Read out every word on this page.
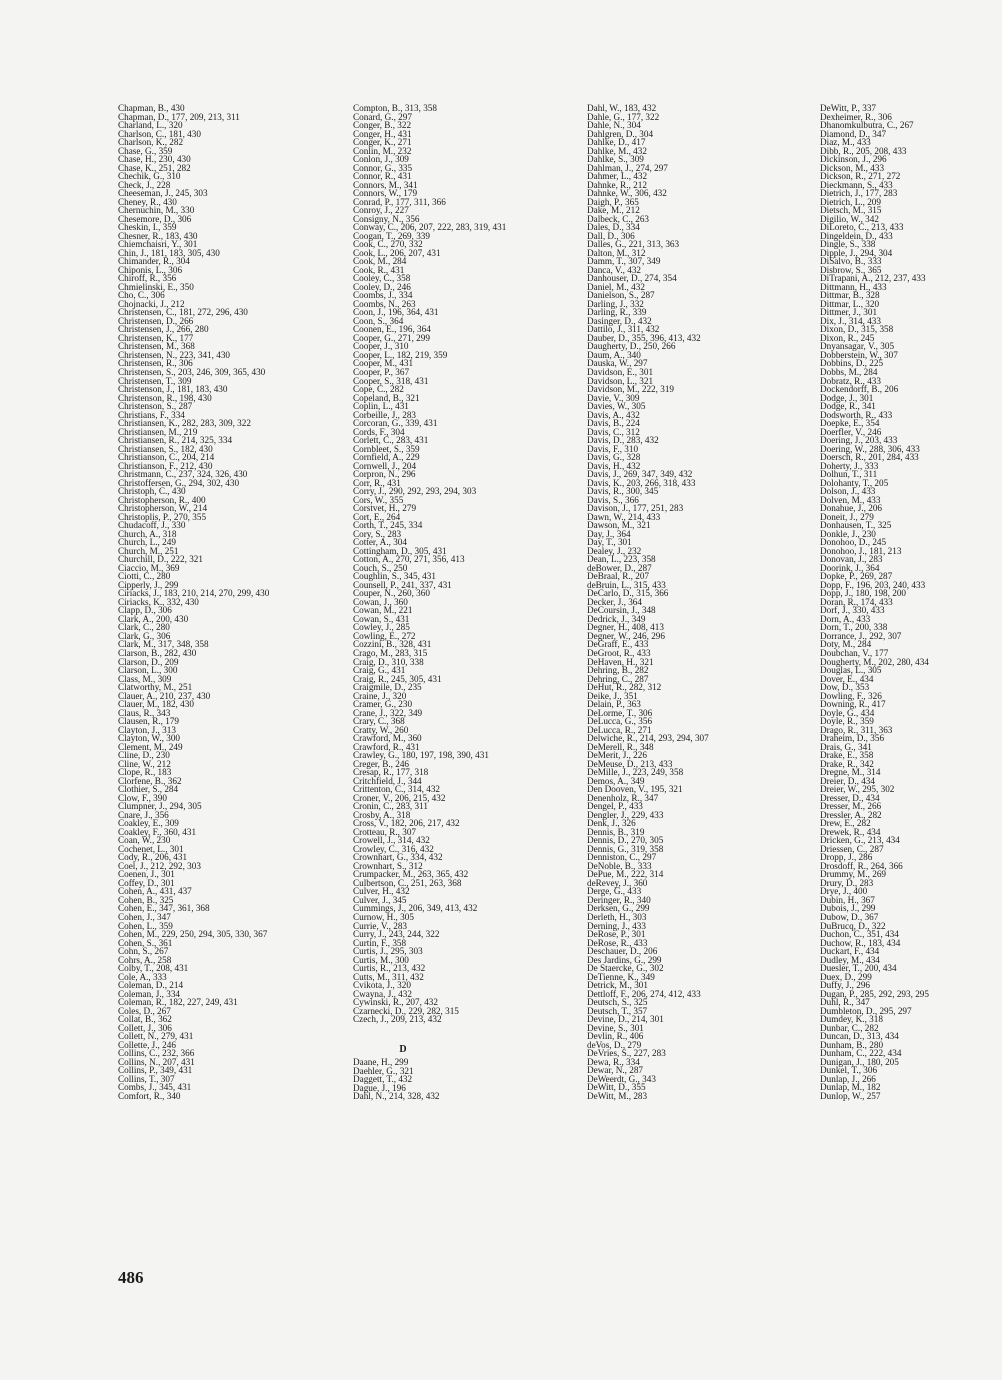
Chapman, B., 430
Chapman, D., 177, 209, 213, 311
Charland, L., 320
Charlson, C., 181, 430
Charlson, K., 282
Chase, G., 359
Chase, H., 230, 430
Chase, K., 251, 282
Chechik, G., 310
Check, J., 228
Cheeseman, J., 245, 303
Cheney, R., 430
Chernuchin, M., 330
Chesemore, D., 306
Cheskin, I., 359
Chesner, R., 183, 430
Chiemchaisri, Y., 301
Chin, J., 181, 183, 305, 430
Chimander, R., 304
Chiponis, L., 306
Chiroff, R., 356
Chmielinski, E., 350
Cho, C., 306
Chojnacki, J., 212
Christensen, C., 181, 272, 296, 430
Christensen, D., 266
Christensen, J., 266, 280
Christensen, K., 177
Christensen, M., 368
Christensen, N., 223, 341, 430
Christensen, R., 306
Christensen, S., 203, 246, 309, 365, 430
Christensen, T., 309
Christenson, J., 181, 183, 430
Christenson, R., 198, 430
Christenson, S., 287
Christians, F., 334
Christiansen, K., 282, 283, 309, 322
Christiansen, M., 219
Christiansen, R., 214, 325, 334
Christiansen, S., 182, 430
Christianson, C., 204, 214
Christianson, F., 212, 430
Christmann, C., 237, 324, 326, 430
Christoffersen, G., 294, 302, 430
Christoph, C., 430
Christopherson, R., 400
Christopherson, W., 214
Christoplis, P., 270, 355
Chudacoff, J., 330
Church, A., 318
Church, L., 249
Church, M., 251
Churchill, D., 222, 321
Ciaccio, M., 369
Ciotti, C., 280
Cipperly, J., 299
Ciriacks, J., 183, 210, 214, 270, 299, 430
Ciriacks, K., 332, 430
Clapp, D., 306
Clark, A., 200, 430
Clark, C., 280
Clark, G., 306
Clark, M., 317, 348, 358
Clarson, B., 282, 430
Clarson, D., 209
Clarson, L., 300
Class, M., 309
Clatworthy, M., 251
Clauer, A., 210, 237, 430
Clauer, M., 182, 430
Claus, R., 343
Clausen, R., 179
Clayton, J., 313
Clayton, W., 300
Clement, M., 249
Cline, D., 230
Cline, W., 212
Clope, R., 183
Clorfene, B., 362
Clothier, S., 284
Clow, F., 390
Clumpner, J., 294, 305
Cnare, J., 356
Coakley, E., 309
Coakley, F., 360, 431
Coan, W., 230
Cochenet, L., 301
Cody, R., 206, 431
Coel, J., 212, 292, 303
Coenen, J., 301
Coffey, D., 301
Cohen, A., 431, 437
Cohen, B., 325
Cohen, E., 347, 361, 368
Cohen, J., 347
Cohen, L., 359
Cohen, M., 229, 250, 294, 305, 330, 367
Cohen, S., 361
Cohn, S., 267
Cohrs, A., 258
Colby, T., 208, 431
Cole, A., 333
Coleman, D., 214
Coleman, J., 334
Coleman, R., 182, 227, 249, 431
Coles, D., 267
Collat, B., 362
Collett, J., 306
Collett, N., 279, 431
Collette, J., 246
Collins, C., 232, 366
Collins, N., 207, 431
Collins, P., 349, 431
Collins, T., 307
Combs, J., 345, 431
Comfort, R., 340
Compton, B., 313, 358
Conard, G., 297
Conger, B., 322
Conger, H., 431
Conger, K., 271
Conlin, M., 232
Conlon, J., 309
Connor, G., 335
Connor, R., 431
Connors, M., 341
Connors, W., 179
Conrad, P., 177, 311, 366
Conroy, J., 227
Consigny, N., 356
Conway, C., 206, 207, 222, 283, 319, 431
Coogan, T., 269, 339
Cook, C., 270, 332
Cook, L., 206, 207, 431
Cook, M., 284
Cook, R., 431
Cooley, C., 358
Cooley, D., 246
Coombs, J., 334
Coombs, N., 263
Coon, J., 196, 364, 431
Coon, S., 364
Coonen, E., 196, 364
Cooper, G., 271, 299
Cooper, J., 310
Cooper, L., 182, 219, 359
Cooper, M., 431
Cooper, P., 367
Cooper, S., 318, 431
Cope, C., 282
Copeland, B., 321
Coplin, L., 431
Corbeille, J., 283
Corcoran, G., 339, 431
Cords, F., 304
Corlett, C., 283, 431
Cornbleet, S., 359
Cornfield, A., 229
Cornwell, J., 204
Corpron, N., 296
Corr, R., 431
Corry, J., 290, 292, 293, 294, 303
Cors, W., 355
Corstvet, H., 279
Cort, E., 264
Corth, T., 245, 334
Cory, S., 283
Cotter, A., 304
Cottingham, D., 305, 431
Cotton, A., 270, 271, 356, 413
Couch, S., 250
Coughlin, S., 345, 431
Counsell, P., 241, 337, 431
Couper, N., 260, 360
Cowan, J., 360
Cowan, M., 221
Cowan, S., 431
Cowley, J., 285
Cowling, E., 272
Cozzini, B., 328, 431
Crago, M., 283, 315
Craig, D., 310, 338
Craig, G., 431
Craig, R., 245, 305, 431
Craigmile, D., 235
Craine, J., 320
Cramer, G., 230
Crane, J., 322, 349
Crary, C., 368
Cratty, W., 260
Crawford, M., 360
Crawford, R., 431
Crawley, G., 180, 197, 198, 390, 431
Creger, B., 246
Cresap, R., 177, 318
Critchfield, J., 344
Crittenton, C., 314, 432
Croner, V., 206, 215, 432
Cronin, C., 283, 311
Crosby, A., 318
Cross, V., 182, 206, 217, 432
Crotteau, R., 307
Crowell, J., 314, 432
Crowley, C., 316, 432
Crownhart, G., 334, 432
Crownhart, S., 312
Crumpacker, M., 263, 365, 432
Culbertson, C., 251, 263, 368
Culver, H., 432
Culver, J., 345
Cummings, J., 206, 349, 413, 432
Curnow, H., 305
Currie, V., 283
Curry, J., 243, 244, 322
Curtin, F., 358
Curtis, J., 295, 303
Curtis, M., 300
Curtis, R., 213, 432
Cutts, M., 311, 432
Cvikota, J., 320
Cwayna, J., 432
Cywinski, R., 207, 432
Czarnecki, D., 229, 282, 315
Czech, J., 209, 213, 432
D
Daane, H., 299
Daehler, G., 321
Daggett, T., 432
Dague, J., 196
Dahl, N., 214, 328, 432
Dahl, W., 183, 432
Dahle, G., 177, 322
Dahle, N., 304
Dahlgren, D., 304
Dahlke, D., 417
Dahlke, M., 432
Dahlke, S., 309
Dahlman, J., 274, 297
Dahmer, L., 432
Dahnke, R., 212
Dahnke, W., 306, 432
Daigh, P., 365
Dake, M., 212
Dalbeck, C., 263
Dales, D., 334
Dall, D., 306
Dalles, G., 221, 313, 363
Dalton, M., 312
Damm, T., 307, 349
Danca, V., 432
Danhouser, D., 274, 354
Daniel, M., 432
Danielson, S., 287
Darling, J., 332
Darling, R., 339
Dasinger, D., 432
Dattilo, J., 311, 432
Dauber, D., 355, 396, 413, 432
Daugherty, D., 250, 266
Daum, A., 340
Dauska, W., 297
Davidson, E., 301
Davidson, L., 321
Davidson, M., 222, 319
Davie, V., 309
Davies, W., 305
Davis, A., 432
Davis, B., 224
Davis, C., 312
Davis, D., 283, 432
Davis, F., 310
Davis, G., 328
Davis, H., 432
Davis, J., 269, 347, 349, 432
Davis, K., 203, 266, 318, 433
Davis, R., 300, 345
Davis, S., 366
Davison, J., 177, 251, 283
Dawn, W., 214, 433
Dawson, M., 321
Day, J., 364
Day, T., 301
Dealey, J., 232
Dean, L., 223, 358
deBower, D., 287
DeBraal, R., 207
deBruin, L., 315, 433
DeCarlo, D., 315, 366
Decker, J., 364
DeCoursin, J., 348
Dedrick, J., 349
Degner, H., 408, 413
Degner, W., 246, 296
DeGraff, E., 433
DeGroot, R., 433
DeHaven, H., 321
Dehring, B., 282
Dehring, C., 287
DeHut, R., 282, 312
Deike, J., 351
Delain, P., 363
DeLorme, T., 306
DeLucca, G., 356
DeLucca, R., 271
Delwiche, R., 214, 293, 294, 307
DeMerell, R., 348
DeMerit, J., 226
DeMeuse, D., 213, 433
DeMille, J., 223, 249, 358
Demos, A., 349
Den Dooven, V., 195, 321
Denenholz, R., 347
Dengel, P., 433
Dengler, J., 229, 433
Denk, J., 326
Dennis, B., 319
Dennis, D., 270, 305
Dennis, G., 319, 358
Denniston, C., 297
DeNoble, B., 333
DePue, M., 222, 314
deRevey, J., 360
Derge, G., 433
Deringer, R., 340
Derksen, G., 299
Derleth, H., 303
Derning, J., 433
DeRose, P., 301
DeRose, R., 433
Deschauer, D., 206
Des Jardins, G., 299
De Staercke, G., 302
DeTienne, K., 349
Detrick, M., 301
Dettloff, F., 206, 274, 412, 433
Deutsch, S., 325
Deutsch, T., 357
Devine, D., 214, 301
Devine, S., 301
Devlin, R., 406
deVos, D., 279
DeVries, S., 227, 283
Dewa, R., 334
Dewar, N., 287
DeWeerdt, G., 343
DeWitt, D., 355
DeWitt, M., 283
DeWitt, P., 337
Dexheimer, R., 306
Dhanomkulbutra, C., 267
Diamond, D., 347
Diaz, M., 433
Dibb, R., 205, 208, 433
Dickinson, J., 296
Dickson, M., 433
Dickson, R., 271, 272
Dieckmann, S., 433
Dietrich, J., 177, 283
Dietrich, L., 209
Dietsch, M., 315
Digilio, W., 342
DiLoreto, C., 213, 433
Dingeldein, D., 433
Dingle, S., 338
Dipple, J., 294, 304
DiSalvo, B., 333
Disbrow, S., 365
DiTrapani, A., 212, 237, 433
Dittmann, H., 433
Dittmar, B., 328
Dittmar, L., 320
Dittmer, J., 301
Dix, J., 314, 433
Dixon, D., 315, 358
Dixon, R., 245
Dnyansagar, V., 305
Dobberstein, W., 307
Dobbins, D., 225
Dobbs, M., 284
Dobratz, R., 433
Dockendorff, B., 206
Dodge, J., 301
Dodge, R., 341
Dodsworth, R., 433
Doepke, E., 354
Doerfler, V., 246
Doering, J., 203, 433
Doering, W., 288, 306, 433
Doersch, R., 201, 284, 433
Doherty, J., 333
Dolhun, T., 311
Dolohanty, T., 205
Dolson, J., 433
Dolven, M., 433
Donahue, J., 206
Doneit, J., 279
Donhausen, T., 325
Donkle, J., 230
Donohoo, D., 245
Donohoo, J., 181, 213
Donovan, J., 283
Doorink, J., 364
Dopke, P., 269, 287
Dopp, F., 196, 203, 240, 433
Dopp, J., 180, 198, 200
Doran, R., 174, 433
Dorf, J., 330, 433
Dorn, A., 433
Dorn, T., 200, 338
Dorrance, J., 292, 307
Doty, M., 284
Doubchan, V., 177
Dougherty, M., 202, 280, 434
Douglas, L., 305
Dover, E., 434
Dow, D., 353
Dowling, F., 326
Downing, R., 417
Doyle, G., 434
Doyle, R., 359
Drago, R., 311, 363
Draheim, D., 356
Drais, G., 341
Drake, E., 358
Drake, R., 342
Dregne, M., 314
Dreier, D., 434
Dreier, W., 295, 302
Dresser, D., 434
Dresser, M., 266
Dressler, A., 282
Drew, E., 282
Drewek, R., 434
Dricken, G., 213, 434
Driessen, C., 287
Dropp, J., 286
Drosdoff, R., 264, 366
Drummy, M., 269
Drury, D., 283
Drye, J., 400
Dubin, H., 367
Dubois, J., 299
Dubow, D., 367
DuBrucq, D., 322
Duchon, C., 351, 434
Duchow, R., 183, 434
Duckart, F., 434
Dudley, M., 434
Duesler, T., 200, 434
Duex, D., 299
Duffy, J., 296
Dugan, P., 285, 292, 293, 295
Duhl, R., 347
Dumbleton, D., 295, 297
Dumdey, K., 318
Dunbar, C., 282
Duncan, D., 313, 434
Dunham, B., 280
Dunham, C., 222, 434
Dunigan, J., 180, 205
Dunkel, T., 306
Dunlap, J., 266
Dunlap, M., 182
Dunlop, W., 257
486
